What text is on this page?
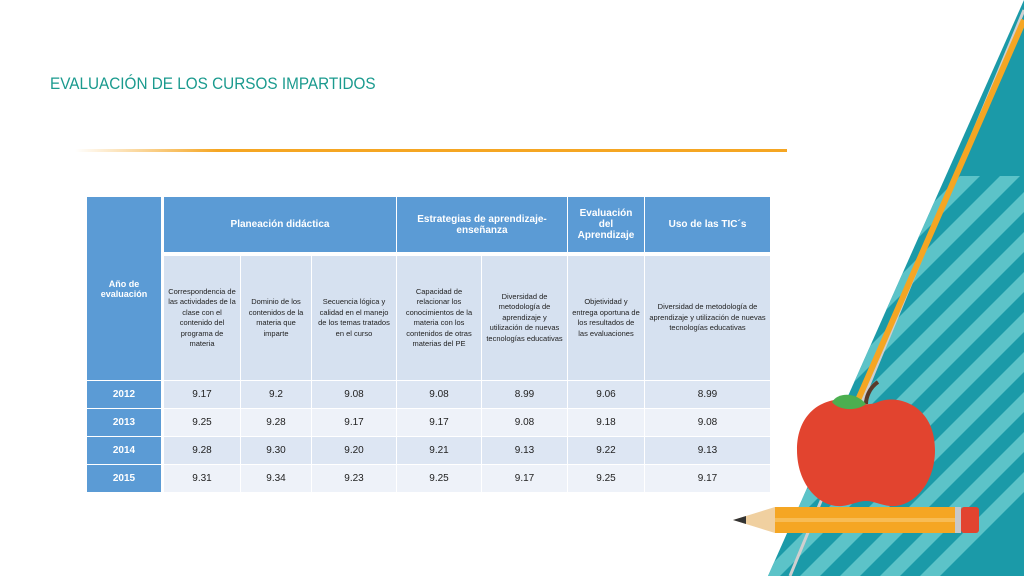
EVALUACIÓN DE LOS CURSOS IMPARTIDOS
Año de evaluación	Planeación didáctica			Estrategias de aprendizaje-enseñanza		Evaluación del Aprendizaje	Uso de las TIC´s
	Correspondencia de las actividades de la clase con el contenido del programa de materia	Dominio de los contenidos de la materia que imparte	Secuencia lógica y calidad en el manejo de los temas tratados en el curso	Capacidad de relacionar los conocimientos de la materia con los contenidos de otras materias del PE	Diversidad de metodología de aprendizaje y utilización de nuevas tecnologías educativas	Objetividad y entrega oportuna de los resultados de las evaluaciones	Diversidad de metodología de aprendizaje y utilización de nuevas tecnologías educativas
2012	9.17	9.2	9.08	9.08	8.99	9.06	8.99
2013	9.25	9.28	9.17	9.17	9.08	9.18	9.08
2014	9.28	9.30	9.20	9.21	9.13	9.22	9.13
2015	9.31	9.34	9.23	9.25	9.17	9.25	9.17
